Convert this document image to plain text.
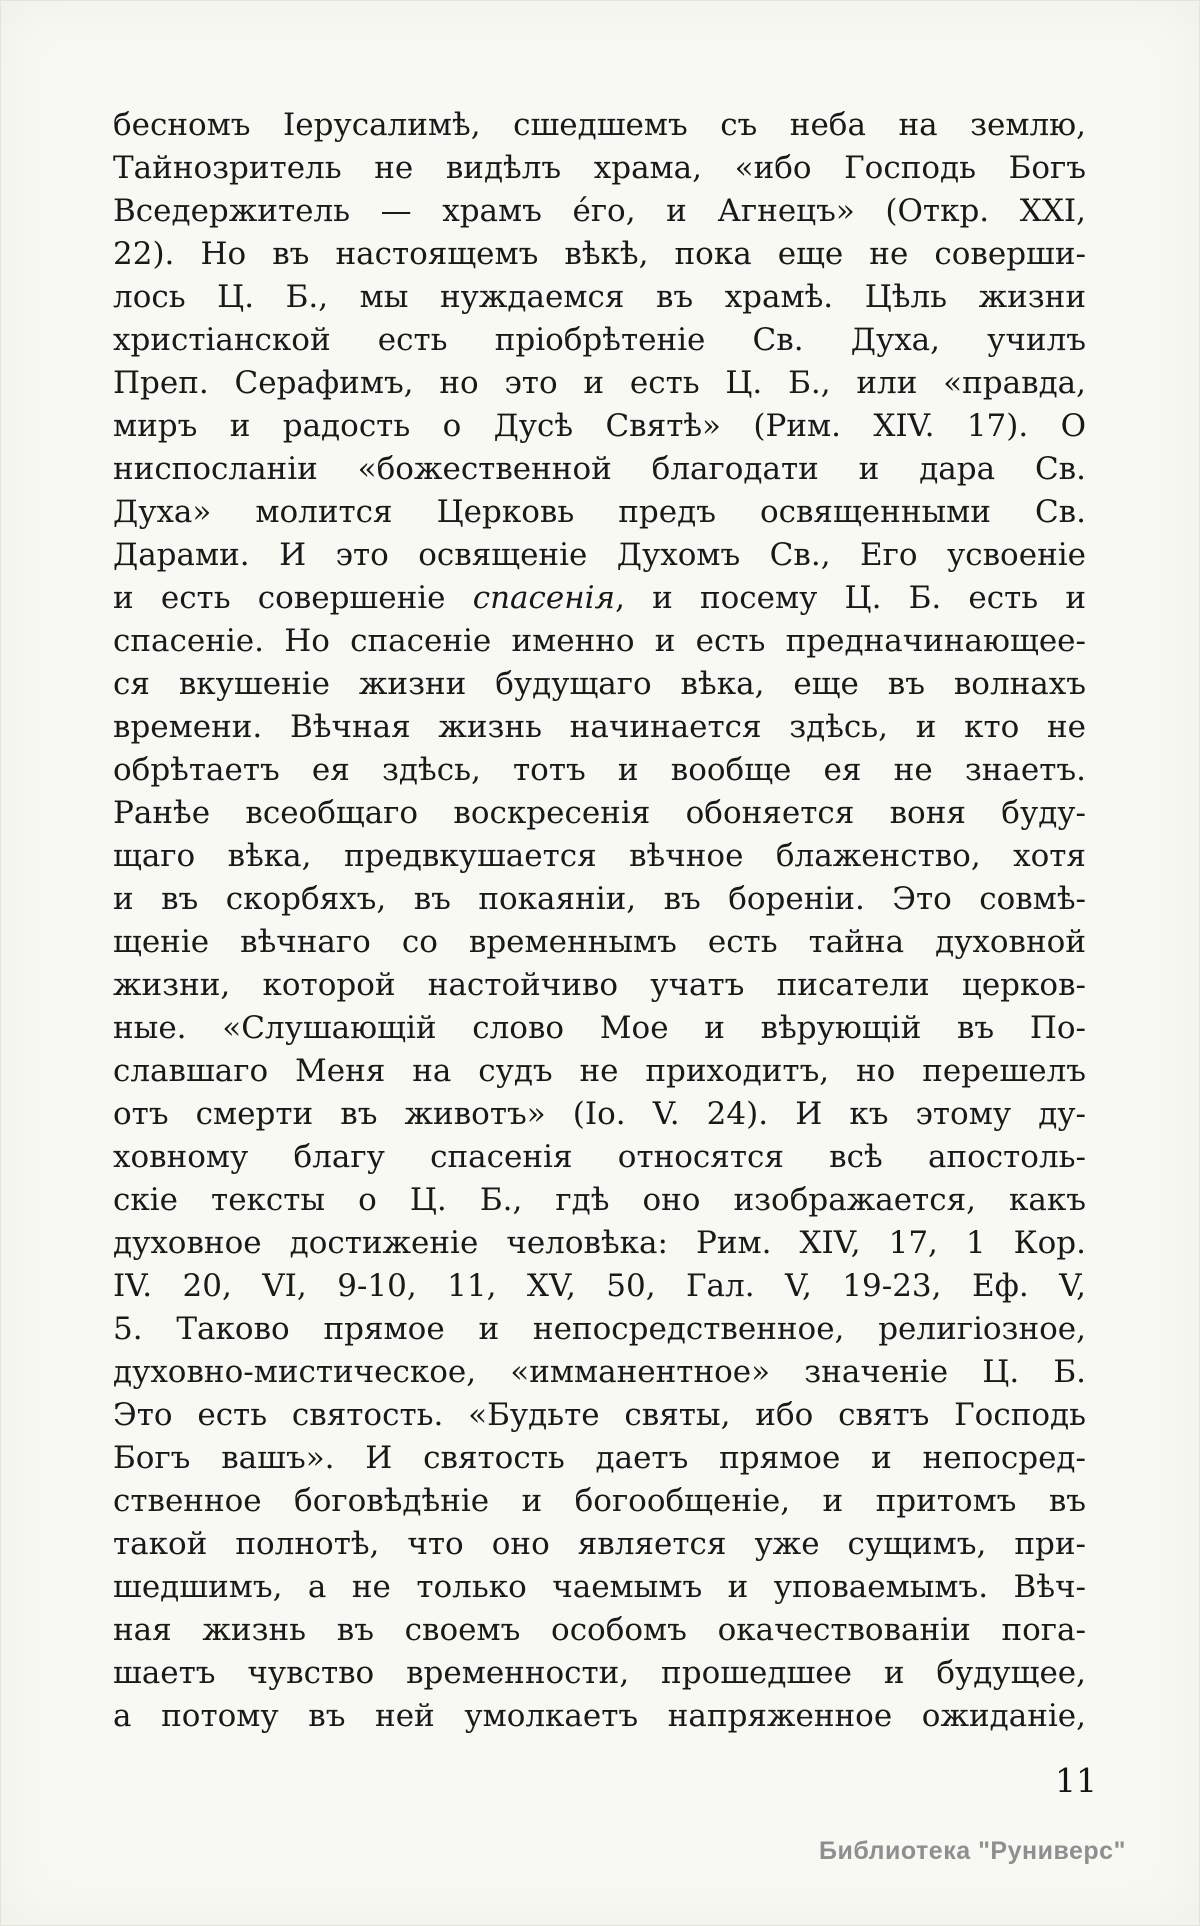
бесномъ Іерусалимѣ, сшедшемъ съ неба на землю,
Тайнозритель не видѣлъ храма, «ибо Господь Богъ
Вседержитель — храмъ е́го, и Агнецъ» (Откр. XXI,
22). Но въ настоящемъ вѣкѣ, пока еще не соверши-
лось Ц. Б., мы нуждаемся въ храмѣ. Цѣль жизни
христіанской есть пріобрѣтеніе Св. Духа, училъ
Преп. Серафимъ, но это и есть Ц. Б., или «правда,
миръ и радость о Дусѣ Святѣ» (Рим. XIV. 17). О
ниспосланіи «божественной благодати и дара Св.
Духа» молится Церковь предъ освященными Св.
Дарами. И это освященіе Духомъ Св., Его усвоеніе
и есть совершеніе спасенія, и посему Ц. Б. есть и
спасеніе. Но спасеніе именно и есть предначинающее-
ся вкушеніе жизни будущаго вѣка, еще въ волнахъ
времени. Вѣчная жизнь начинается здѣсь, и кто не
обрѣтаетъ ея здѣсь, тотъ и вообще ея не знаетъ.
Ранѣе всеобщаго воскресенія обоняется воня буду-
щаго вѣка, предвкушается вѣчное блаженство, хотя
и въ скорбяхъ, въ покаяніи, въ бореніи. Это совмѣ-
щеніе вѣчнаго со временнымъ есть тайна духовной
жизни, которой настойчиво учатъ писатели церков-
ные. «Слушающій слово Мое и вѣрующій въ По-
славшаго Меня на судъ не приходитъ, но перешелъ
отъ смерти въ животъ» (Іо. V. 24). И къ этому ду-
ховному благу спасенія относятся всѣ апостоль-
скіе тексты о Ц. Б., гдѣ оно изображается, какъ
духовное достиженіе человѣка: Рим. XIV, 17, 1 Кор.
IV. 20, VI, 9-10, 11, XV, 50, Гал. V, 19-23, Еф. V,
5. Таково прямое и непосредственное, религіозное,
духовно-мистическое, «имманентное» значеніе Ц. Б.
Это есть святость. «Будьте святы, ибо святъ Господь
Богъ вашъ». И святость даетъ прямое и непосред-
ственное боговѣдѣніе и богообщеніе, и притомъ въ
такой полнотѣ, что оно является уже сущимъ, при-
шедшимъ, а не только чаемымъ и уповаемымъ. Вѣч-
ная жизнь въ своемъ особомъ окачествованіи пога-
шаетъ чувство временности, прошедшее и будущее,
а потому въ ней умолкаетъ напряженное ожиданіе,
11
Библиотека "Руниверс"
